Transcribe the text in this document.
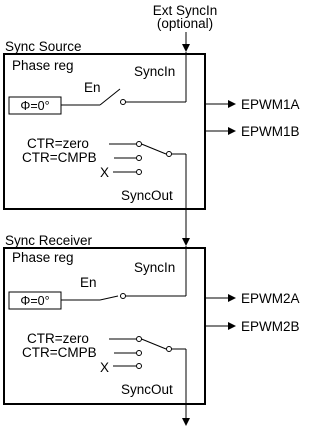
Ext SyncIn
(optional)
Sync Source
Phase reg
Φ=0°
En
SyncIn
EPWM1A
EPWM1B
CTR=zero
CTR=CMPB
X
SyncOut
Sync Receiver
Phase reg
Φ=0°
En
SyncIn
EPWM2A
EPWM2B
CTR=zero
CTR=CMPB
X
SyncOut
